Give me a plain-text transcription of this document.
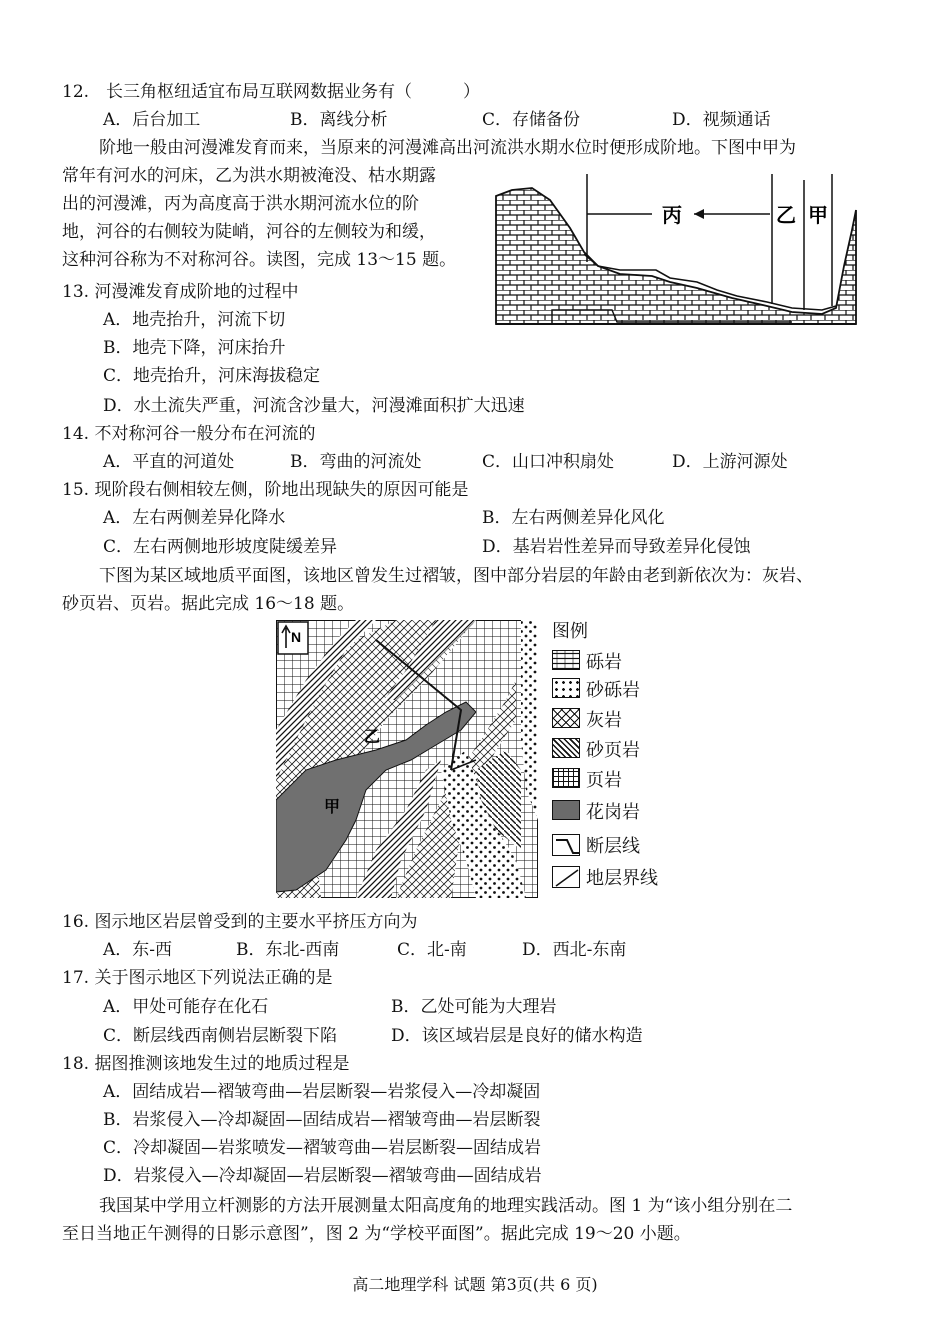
12.　长三角枢纽适宜布局互联网数据业务有（　　　）
A．后台加工	B．离线分析	C．存储备份	D．视频通话
阶地一般由河漫滩发育而来，当原来的河漫滩高出河流洪水期水位时便形成阶地。下图中甲为
常年有河水的河床，乙为洪水期被淹没、枯水期露
出的河漫滩，丙为高度高于洪水期河流水位的阶
地，河谷的右侧较为陡峭，河谷的左侧较为和缓，
这种河谷称为不对称河谷。读图，完成 13～15 题。
丙	乙 甲
13. 河漫滩发育成阶地的过程中
A．地壳抬升，河流下切
B．地壳下降，河床抬升
C．地壳抬升，河床海拔稳定
D．水土流失严重，河流含沙量大，河漫滩面积扩大迅速
14. 不对称河谷一般分布在河流的
A．平直的河道处	B．弯曲的河流处	C．山口冲积扇处	D．上游河源处
15. 现阶段右侧相较左侧，阶地出现缺失的原因可能是
A．左右两侧差异化降水	B．左右两侧差异化风化
C．左右两侧地形坡度陡缓差异	D．基岩岩性差异而导致差异化侵蚀
下图为某区域地质平面图，该地区曾发生过褶皱，图中部分岩层的年龄由老到新依次为：灰岩、
砂页岩、页岩。据此完成 16～18 题。
N
甲
乙
图例
砾岩
砂砾岩
灰岩
砂页岩
页岩
花岗岩
断层线
地层界线
16. 图示地区岩层曾受到的主要水平挤压方向为
A．东-西	B．东北-西南	C．北-南	D．西北-东南
17. 关于图示地区下列说法正确的是
A．甲处可能存在化石	B．乙处可能为大理岩
C．断层线西南侧岩层断裂下陷	D．该区域岩层是良好的储水构造
18. 据图推测该地发生过的地质过程是
A．固结成岩—褶皱弯曲—岩层断裂—岩浆侵入—冷却凝固
B．岩浆侵入—冷却凝固—固结成岩—褶皱弯曲—岩层断裂
C．冷却凝固—岩浆喷发—褶皱弯曲—岩层断裂—固结成岩
D．岩浆侵入—冷却凝固—岩层断裂—褶皱弯曲—固结成岩
我国某中学用立杆测影的方法开展测量太阳高度角的地理实践活动。图 1 为“该小组分别在二
至日当地正午测得的日影示意图”，图 2 为“学校平面图”。据此完成 19～20 小题。
高二地理学科 试题 第3页(共 6 页)
